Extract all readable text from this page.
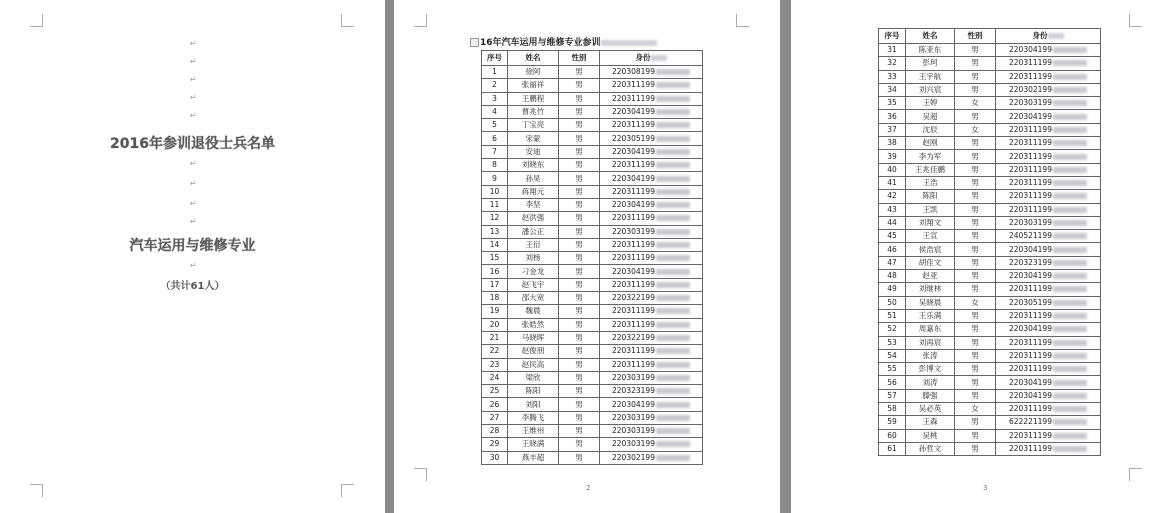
↵
↵
↵
↵
↵
2016年参训退役士兵名单
↵
↵
↵
↵
汽车运用与维修专业
↵
（共计61人）
16年汽车运用与维修专业参训
序号	姓名	性别	身份
1	徐阿	男	220308199
2	张丽祥	男	220311199
3	王鹏程	男	220311199
4	曹兆竹	男	220304199
5	丁宝亮	男	220311199
6	宋蒙	男	220305199
7	安迪	男	220304199
8	刘晓东	男	220311199
9	孙昊	男	220304199
10	蒋翔元	男	220311199
11	李坚	男	220304199
12	赵洪强	男	220311199
13	潘公正	男	220303199
14	王衍	男	220311199
15	刘杨	男	220311199
16	刁金龙	男	220304199
17	赵飞宇	男	220311199
18	邵大宽	男	220322199
19	魏晨	男	220311199
20	张皓然	男	220311199
21	马晓晖	男	220322199
22	赵俊朋	男	220311199
23	赵民高	男	220311199
24	梁欣	男	220303199
25	陈阳	男	220323199
26	刘阳	男	220304199
27	李腾飞	男	220303199
28	王维州	男	220303199
29	王晓满	男	220303199
30	燕丰超	男	220302199
2
序号	姓名	性别	身份
31	陈亚东	男	220304199
32	彭珂	男	220311199
33	王宇航	男	220311199
34	刘兴宸	男	220302199
35	王婷	女	220303199
36	吴超	男	220304199
37	沈辰	女	220311199
38	赵刚	男	220311199
39	李为军	男	220311199
40	王兆佳鹏	男	220311199
41	王浩	男	220311199
42	陈阳	男	220311199
43	王凯	男	220311199
44	刘翔文	男	220303199
45	王宣	男	240521199
46	侯浩宸	男	220304199
47	胡佳文	男	220323199
48	赵亚	男	220304199
49	刘继林	男	220311199
50	吴晓晨	女	220305199
51	王乐满	男	220311199
52	周嘉东	男	220304199
53	刘再宸	男	220311199
54	张涛	男	220311199
55	彭博文	男	220311199
56	刘涛	男	220304199
57	滕强	男	220304199
58	吴必英	女	220311199
59	王森	男	622221199
60	吴桃	男	220311199
61	孙哲文	男	220311199
3
